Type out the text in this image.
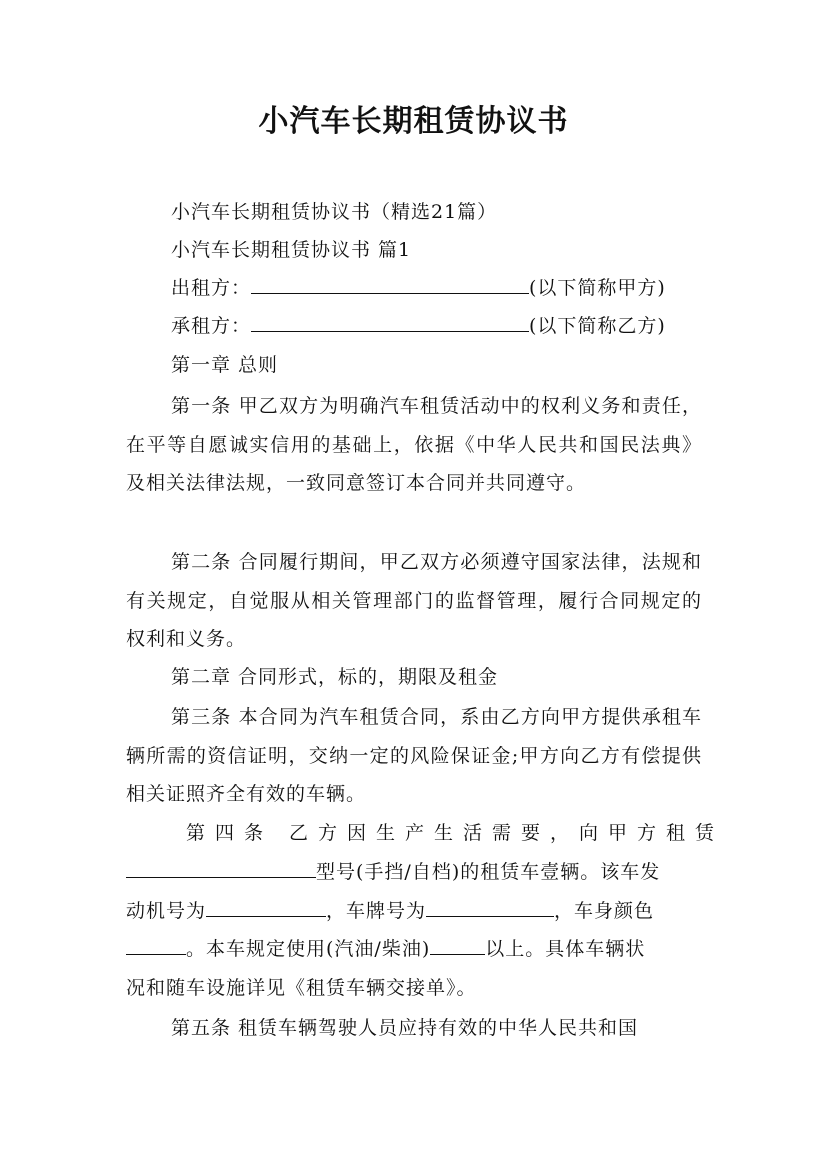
小汽车长期租赁协议书
小汽车长期租赁协议书（精选21篇）
小汽车长期租赁协议书 篇1
出租方：	(以下简称甲方)
承租方：	(以下简称乙方)
第一章 总则
第一条 甲乙双方为明确汽车租赁活动中的权利义务和责任，在平等自愿诚实信用的基础上，依据《中华人民共和国民法典》及相关法律法规，一致同意签订本合同并共同遵守。
第二条 合同履行期间，甲乙双方必须遵守国家法律，法规和有关规定，自觉服从相关管理部门的监督管理，履行合同规定的权利和义务。
第二章 合同形式，标的，期限及租金
第三条 本合同为汽车租赁合同，系由乙方向甲方提供承租车辆所需的资信证明，交纳一定的风险保证金;甲方向乙方有偿提供相关证照齐全有效的车辆。
第四条 乙方因生产生活需要，向甲方租赁
型号(手挡/自档)的租赁车壹辆。该车发
动机号为	，车牌号为	，车身颜色
。本车规定使用(汽油/柴油)	以上。具体车辆状
况和随车设施详见《租赁车辆交接单》。
第五条 租赁车辆驾驶人员应持有效的中华人民共和国
